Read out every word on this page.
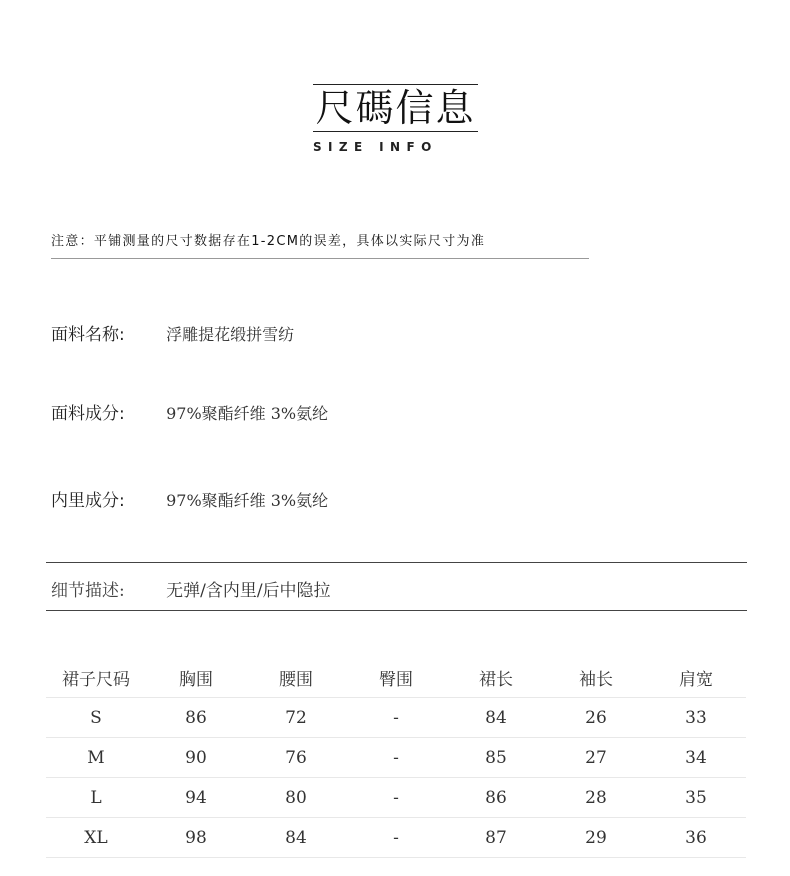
尺碼信息
SIZE INFO
注意：平铺测量的尺寸数据存在1-2CM的误差，具体以实际尺寸为准
面料名称:	浮雕提花缎拼雪纺
面料成分:	97%聚酯纤维 3%氨纶
内里成分:	97%聚酯纤维 3%氨纶
细节描述: 无弹/含内里/后中隐拉
裙子尺码	胸围	腰围	臀围	裙长	袖长	肩宽
S	86	72	-	84	26	33
M	90	76	-	85	27	34
L	94	80	-	86	28	35
XL	98	84	-	87	29	36
